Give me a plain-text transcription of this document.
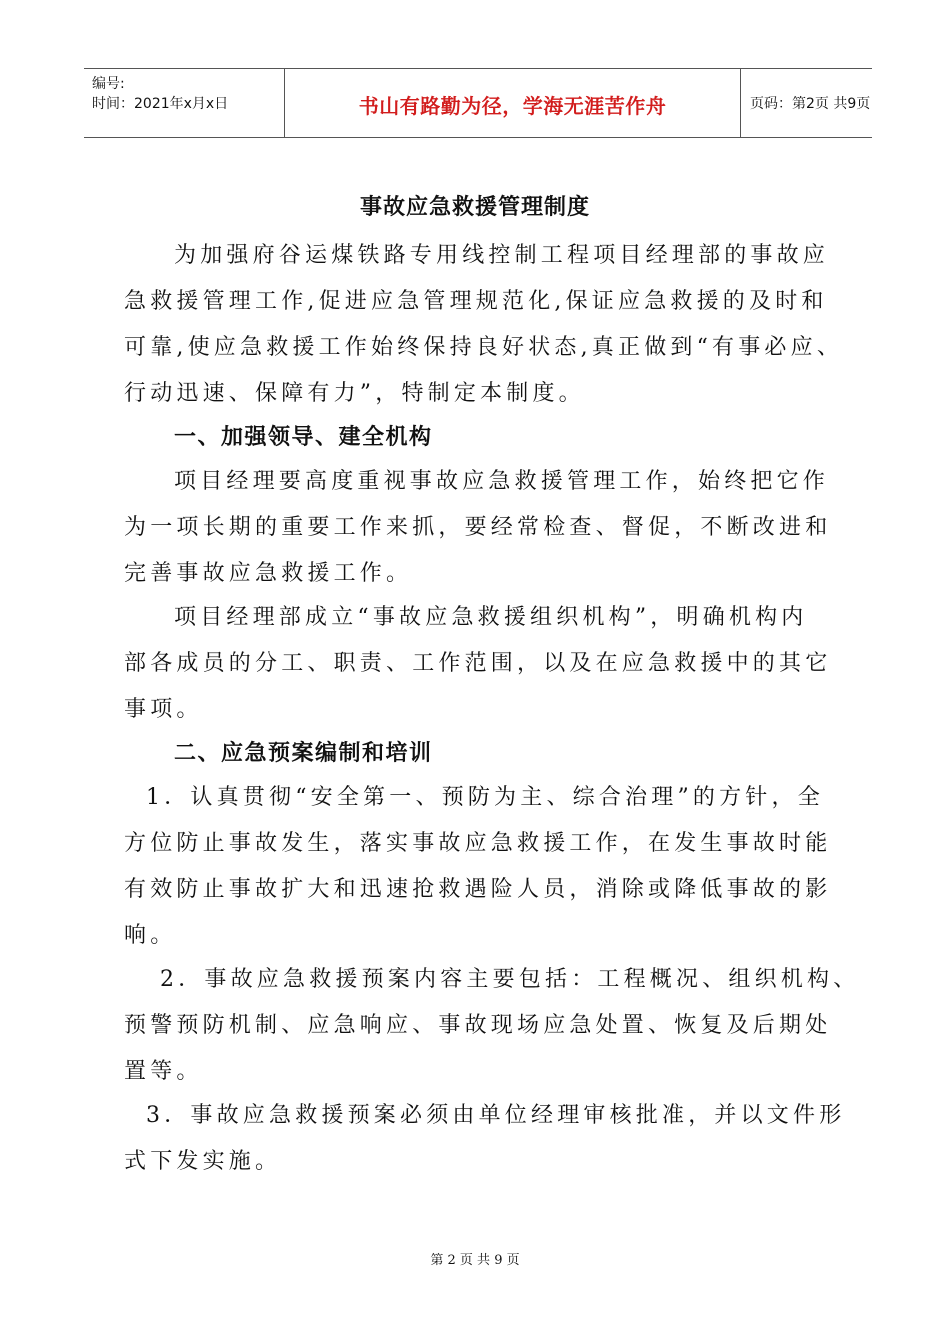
编号:
时间：2021年x月x日	书山有路勤为径，学海无涯苦作舟	页码：第2页 共9页
事故应急救援管理制度
为加强府谷运煤铁路专用线控制工程项目经理部的事故应
急救援管理工作,促进应急管理规范化,保证应急救援的及时和
可靠,使应急救援工作始终保持良好状态,真正做到“有事必应、
行动迅速、保障有力”，特制定本制度。
一、加强领导、建全机构
项目经理要高度重视事故应急救援管理工作，始终把它作
为一项长期的重要工作来抓，要经常检查、督促，不断改进和
完善事故应急救援工作。
项目经理部成立“事故应急救援组织机构”，明确机构内
部各成员的分工、职责、工作范围，以及在应急救援中的其它
事项。
二、应急预案编制和培训
1．认真贯彻“安全第一、预防为主、综合治理”的方针，全
方位防止事故发生，落实事故应急救援工作，在发生事故时能
有效防止事故扩大和迅速抢救遇险人员，消除或降低事故的影
响。
2．事故应急救援预案内容主要包括：工程概况、组织机构、
预警预防机制、应急响应、事故现场应急处置、恢复及后期处
置等。
3．事故应急救援预案必须由单位经理审核批准，并以文件形
式下发实施。
第 2 页 共 9 页
